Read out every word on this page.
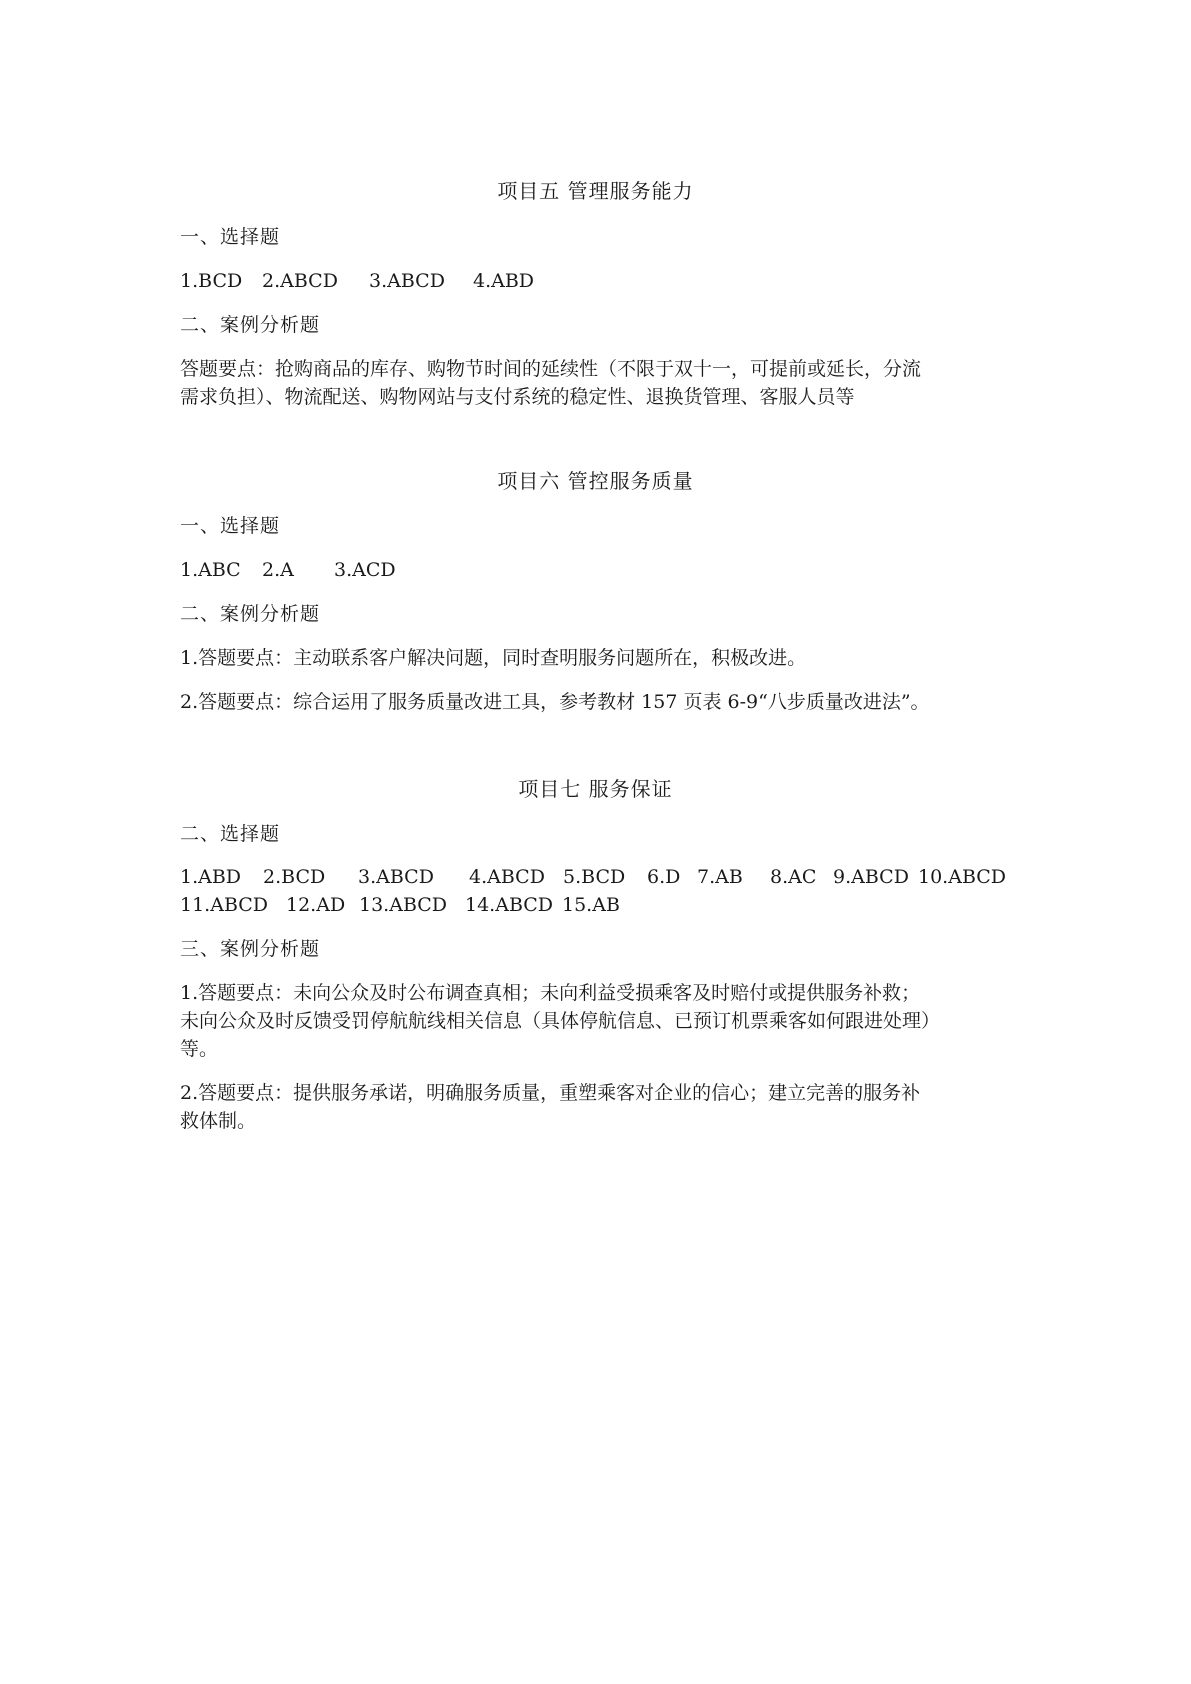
项目五 管理服务能力
一、选择题
1.BCD 2.ABCD 3.ABCD 4.ABD
二、案例分析题
答题要点：抢购商品的库存、购物节时间的延续性（不限于双十一，可提前或延长，分流
需求负担）、物流配送、购物网站与支付系统的稳定性、退换货管理、客服人员等
项目六 管控服务质量
一、选择题
1.ABC 2.A 3.ACD
二、案例分析题
1.答题要点：主动联系客户解决问题，同时查明服务问题所在，积极改进。
2.答题要点：综合运用了服务质量改进工具，参考教材 157 页表 6-9“八步质量改进法”。
项目七 服务保证
二、选择题
1.ABD 2.BCD 3.ABCD 4.ABCD 5.BCD 6.D 7.AB 8.AC 9.ABCD 10.ABCD
11.ABCD 12.AD 13.ABCD 14.ABCD 15.AB
三、案例分析题
1.答题要点：未向公众及时公布调查真相；未向利益受损乘客及时赔付或提供服务补救；
未向公众及时反馈受罚停航航线相关信息（具体停航信息、已预订机票乘客如何跟进处理）
等。
2.答题要点：提供服务承诺，明确服务质量，重塑乘客对企业的信心；建立完善的服务补
救体制。
